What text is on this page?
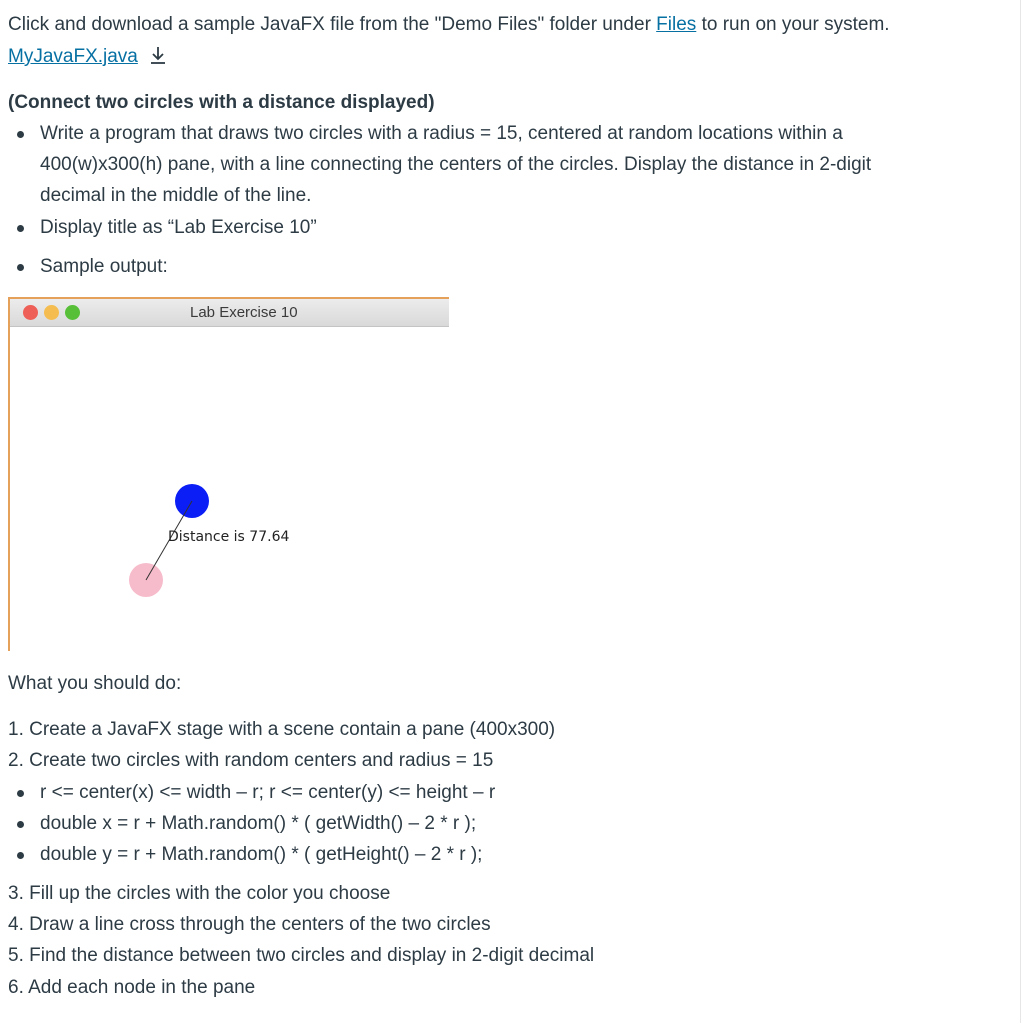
Click and download a sample JavaFX file from the "Demo Files" folder under Files to run on your system.
MyJavaFX.java
(Connect two circles with a distance displayed)
Write a program that draws two circles with a radius = 15, centered at random locations within a
400(w)x300(h) pane, with a line connecting the centers of the circles. Display the distance in 2-digit
decimal in the middle of the line.
Display title as “Lab Exercise 10”
Sample output:
Lab Exercise 10
Distance is 77.64
What you should do:
1. Create a JavaFX stage with a scene contain a pane (400x300)
2. Create two circles with random centers and radius = 15
r <= center(x) <= width – r; r <= center(y) <= height – r
double x = r + Math.random() * ( getWidth() – 2 * r );
double y = r + Math.random() * ( getHeight() – 2 * r );
3. Fill up the circles with the color you choose
4. Draw a line cross through the centers of the two circles
5. Find the distance between two circles and display in 2-digit decimal
6. Add each node in the pane
